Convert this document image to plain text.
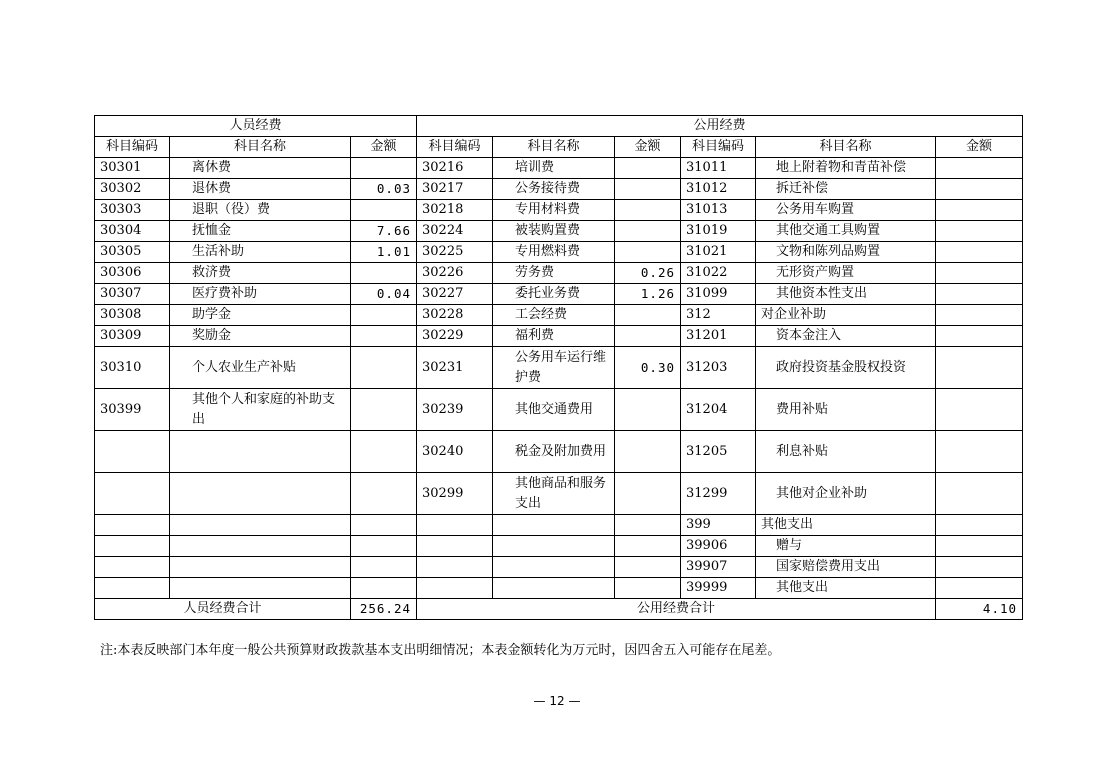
人员经费			公用经费					
科目编码	科目名称	金额	科目编码	科目名称	金额	科目编码	科目名称	金额
30301	离休费		30216	培训费		31011	地上附着物和青苗补偿	
30302	退休费	0.03	30217	公务接待费		31012	拆迁补偿	
30303	退职（役）费		30218	专用材料费		31013	公务用车购置	
30304	抚恤金	7.66	30224	被装购置费		31019	其他交通工具购置	
30305	生活补助	1.01	30225	专用燃料费		31021	文物和陈列品购置	
30306	救济费		30226	劳务费	0.26	31022	无形资产购置	
30307	医疗费补助	0.04	30227	委托业务费	1.26	31099	其他资本性支出	
30308	助学金		30228	工会经费		312	对企业补助	
30309	奖励金		30229	福利费		31201	资本金注入	
30310	个人农业生产补贴		30231	公务用车运行维护费	0.30	31203	政府投资基金股权投资	
30399	其他个人和家庭的补助支出		30239	其他交通费用		31204	费用补贴	
			30240	税金及附加费用		31205	利息补贴	
			30299	其他商品和服务支出		31299	其他对企业补助	
						399	其他支出	
						39906	赠与	
						39907	国家赔偿费用支出	
						39999	其他支出	
人员经费合计		256.24	公用经费合计					4.10
注:本表反映部门本年度一般公共预算财政拨款基本支出明细情况；本表金额转化为万元时，因四舍五入可能存在尾差。
— 12 —
